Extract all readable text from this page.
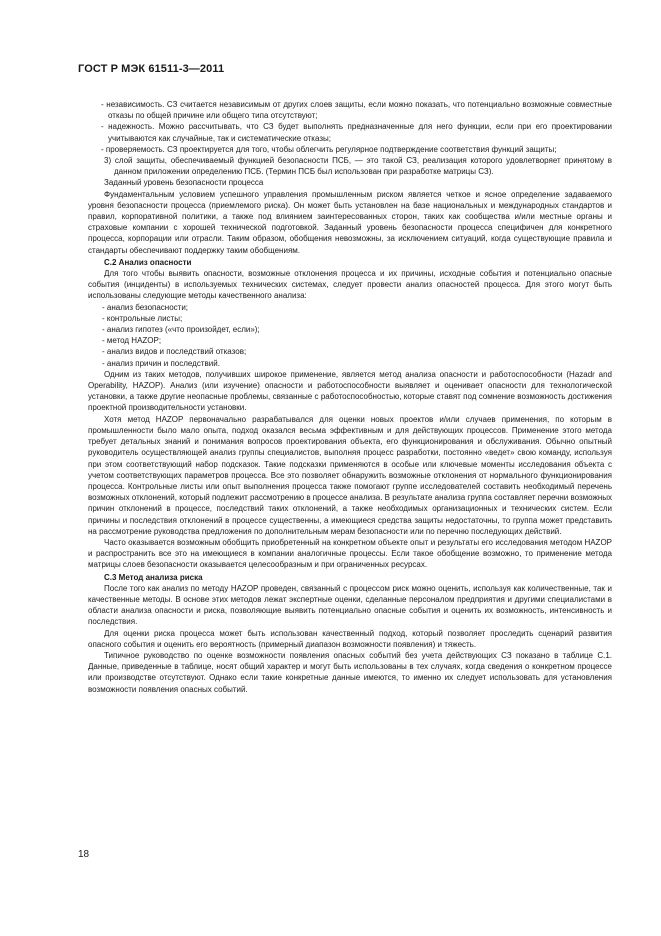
ГОСТ Р МЭК 61511-3—2011

- независимость. СЗ считается независимым от других слоев защиты, если можно показать, что потенциально возможные совместные отказы по общей причине или общего типа отсутствуют;

- надежность. Можно рассчитывать, что СЗ будет выполнять предназначенные для него функции, если при его проектировании учитываются как случайные, так и систематические отказы;

- проверяемость. СЗ проектируется для того, чтобы облегчить регулярное подтверждение соответствия функций защиты;

3) слой защиты, обеспечиваемый функцией безопасности ПСБ, — это такой СЗ, реализация которого удовлетворяет принятому в данном приложении определению ПСБ. (Термин ПСБ был использован при разработке матрицы СЗ).

Заданный уровень безопасности процесса

Фундаментальным условием успешного управления промышленным риском является четкое и ясное определение задаваемого уровня безопасности процесса (приемлемого риска). Он может быть установлен на базе национальных и международных стандартов и правил, корпоративной политики, а также под влиянием заинтересованных сторон, таких как сообщества и/или местные органы и страховые компании с хорошей технической подготовкой. Заданный уровень безопасности процесса специфичен для конкретного процесса, корпорации или отрасли. Таким образом, обобщения невозможны, за исключением ситуаций, когда существующие правила и стандарты обеспечивают поддержку таким обобщениям.

С.2 Анализ опасности

Для того чтобы выявить опасности, возможные отклонения процесса и их причины, исходные события и потенциально опасные события (инциденты) в используемых технических системах, следует провести анализ опасностей процесса. Для этого могут быть использованы следующие методы качественного анализа:

- анализ безопасности;

- контрольные листы;

- анализ гипотез («что произойдет, если»);

- метод HAZOP;

- анализ видов и последствий отказов;

- анализ причин и последствий.

Одним из таких методов, получивших широкое применение, является метод анализа опасности и работоспособности (Hazadr and Operability, HAZOP). Анализ (или изучение) опасности и работоспособности выявляет и оценивает опасности для технологической установки, а также другие неопасные проблемы, связанные с работоспособностью, которые ставят под сомнение возможность достижения проектной производительности установки.

Хотя метод HAZOP первоначально разрабатывался для оценки новых проектов и/или случаев применения, по которым в промышленности было мало опыта, подход оказался весьма эффективным и для действующих процессов. Применение этого метода требует детальных знаний и понимания вопросов проектирования объекта, его функционирования и обслуживания. Обычно опытный руководитель осуществляющей анализ группы специалистов, выполняя процесс разработки, постоянно «ведет» свою команду, используя при этом соответствующий набор подсказок. Такие подсказки применяются в особые или ключевые моменты исследования объекта с учетом соответствующих параметров процесса. Все это позволяет обнаружить возможные отклонения от нормального функционирования процесса. Контрольные листы или опыт выполнения процесса также помогают группе исследователей составить необходимый перечень возможных отклонений, который подлежит рассмотрению в процессе анализа. В результате анализа группа составляет перечни возможных причин отклонений в процессе, последствий таких отклонений, а также необходимых организационных и технических систем. Если причины и последствия отклонений в процессе существенны, а имеющиеся средства защиты недостаточны, то группа может представить на рассмотрение руководства предложения по дополнительным мерам безопасности или по перечню последующих действий.

Часто оказывается возможным обобщить приобретенный на конкретном объекте опыт и результаты его исследования методом HAZOP и распространить все это на имеющиеся в компании аналогичные процессы. Если такое обобщение возможно, то применение метода матрицы слоев безопасности оказывается целесообразным и при ограниченных ресурсах.

С.3 Метод анализа риска

После того как анализ по методу HAZOP проведен, связанный с процессом риск можно оценить, используя как количественные, так и качественные методы. В основе этих методов лежат экспертные оценки, сделанные персоналом предприятия и другими специалистами в области анализа опасности и риска, позволяющие выявить потенциально опасные события и оценить их возможность, интенсивность и последствия.

Для оценки риска процесса может быть использован качественный подход, который позволяет проследить сценарий развития опасного события и оценить его вероятность (примерный диапазон возможности появления) и тяжесть.

Типичное руководство по оценке возможности появления опасных событий без учета действующих СЗ показано в таблице С.1. Данные, приведенные в таблице, носят общий характер и могут быть использованы в тех случаях, когда сведения о конкретном процессе или производстве отсутствуют. Однако если такие конкретные данные имеются, то именно их следует использовать для установления возможности появления опасных событий.

18
